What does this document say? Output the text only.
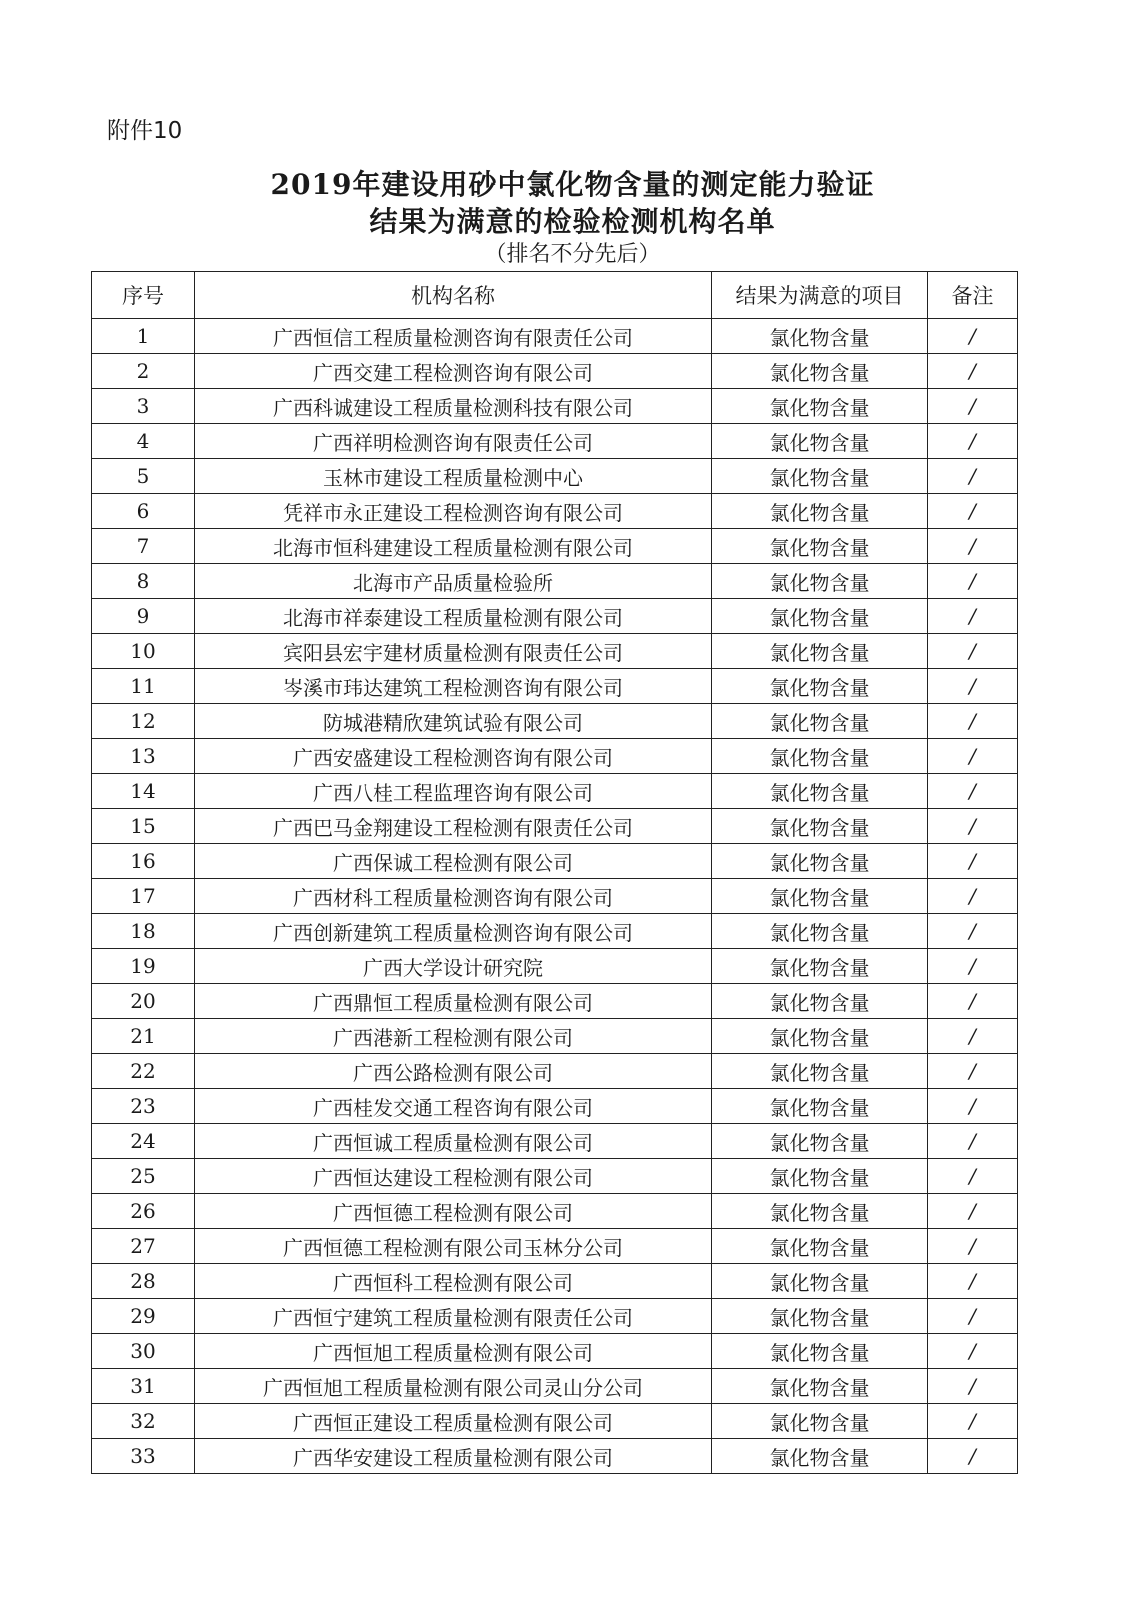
附件10
2019年建设用砂中氯化物含量的测定能力验证
结果为满意的检验检测机构名单
（排名不分先后）
序号	机构名称	结果为满意的项目	备注
1	广西恒信工程质量检测咨询有限责任公司	氯化物含量	/
2	广西交建工程检测咨询有限公司	氯化物含量	/
3	广西科诚建设工程质量检测科技有限公司	氯化物含量	/
4	广西祥明检测咨询有限责任公司	氯化物含量	/
5	玉林市建设工程质量检测中心	氯化物含量	/
6	凭祥市永正建设工程检测咨询有限公司	氯化物含量	/
7	北海市恒科建建设工程质量检测有限公司	氯化物含量	/
8	北海市产品质量检验所	氯化物含量	/
9	北海市祥泰建设工程质量检测有限公司	氯化物含量	/
10	宾阳县宏宇建材质量检测有限责任公司	氯化物含量	/
11	岑溪市玮达建筑工程检测咨询有限公司	氯化物含量	/
12	防城港精欣建筑试验有限公司	氯化物含量	/
13	广西安盛建设工程检测咨询有限公司	氯化物含量	/
14	广西八桂工程监理咨询有限公司	氯化物含量	/
15	广西巴马金翔建设工程检测有限责任公司	氯化物含量	/
16	广西保诚工程检测有限公司	氯化物含量	/
17	广西材科工程质量检测咨询有限公司	氯化物含量	/
18	广西创新建筑工程质量检测咨询有限公司	氯化物含量	/
19	广西大学设计研究院	氯化物含量	/
20	广西鼎恒工程质量检测有限公司	氯化物含量	/
21	广西港新工程检测有限公司	氯化物含量	/
22	广西公路检测有限公司	氯化物含量	/
23	广西桂发交通工程咨询有限公司	氯化物含量	/
24	广西恒诚工程质量检测有限公司	氯化物含量	/
25	广西恒达建设工程检测有限公司	氯化物含量	/
26	广西恒德工程检测有限公司	氯化物含量	/
27	广西恒德工程检测有限公司玉林分公司	氯化物含量	/
28	广西恒科工程检测有限公司	氯化物含量	/
29	广西恒宁建筑工程质量检测有限责任公司	氯化物含量	/
30	广西恒旭工程质量检测有限公司	氯化物含量	/
31	广西恒旭工程质量检测有限公司灵山分公司	氯化物含量	/
32	广西恒正建设工程质量检测有限公司	氯化物含量	/
33	广西华安建设工程质量检测有限公司	氯化物含量	/
